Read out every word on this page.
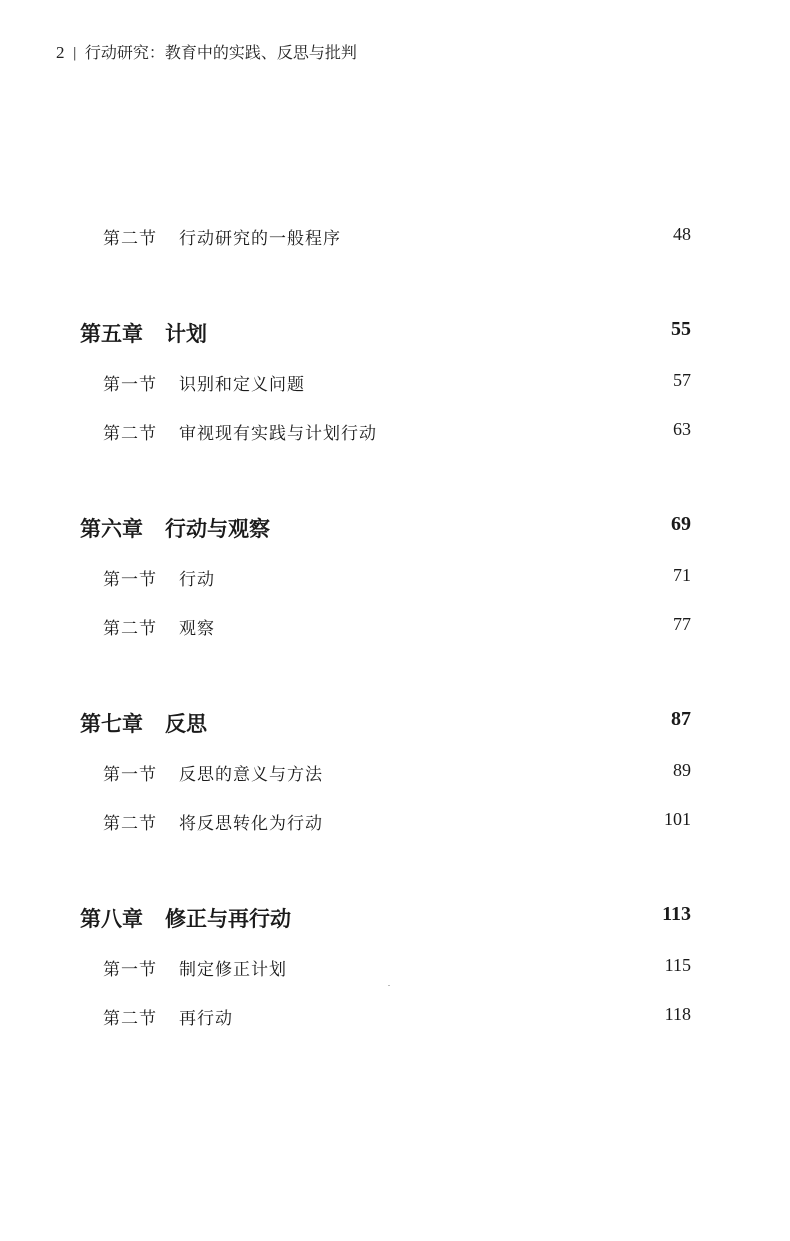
2 | 行动研究：教育中的实践、反思与批判
第二节 行动研究的一般程序	48
第五章 计划	55
第一节 识别和定义问题	57
第二节 审视现有实践与计划行动	63
第六章 行动与观察	69
第一节 行动	71
第二节 观察	77
第七章 反思	87
第一节 反思的意义与方法	89
第二节 将反思转化为行动	101
第八章 修正与再行动	113
第一节 制定修正计划	115
第二节 再行动	118
